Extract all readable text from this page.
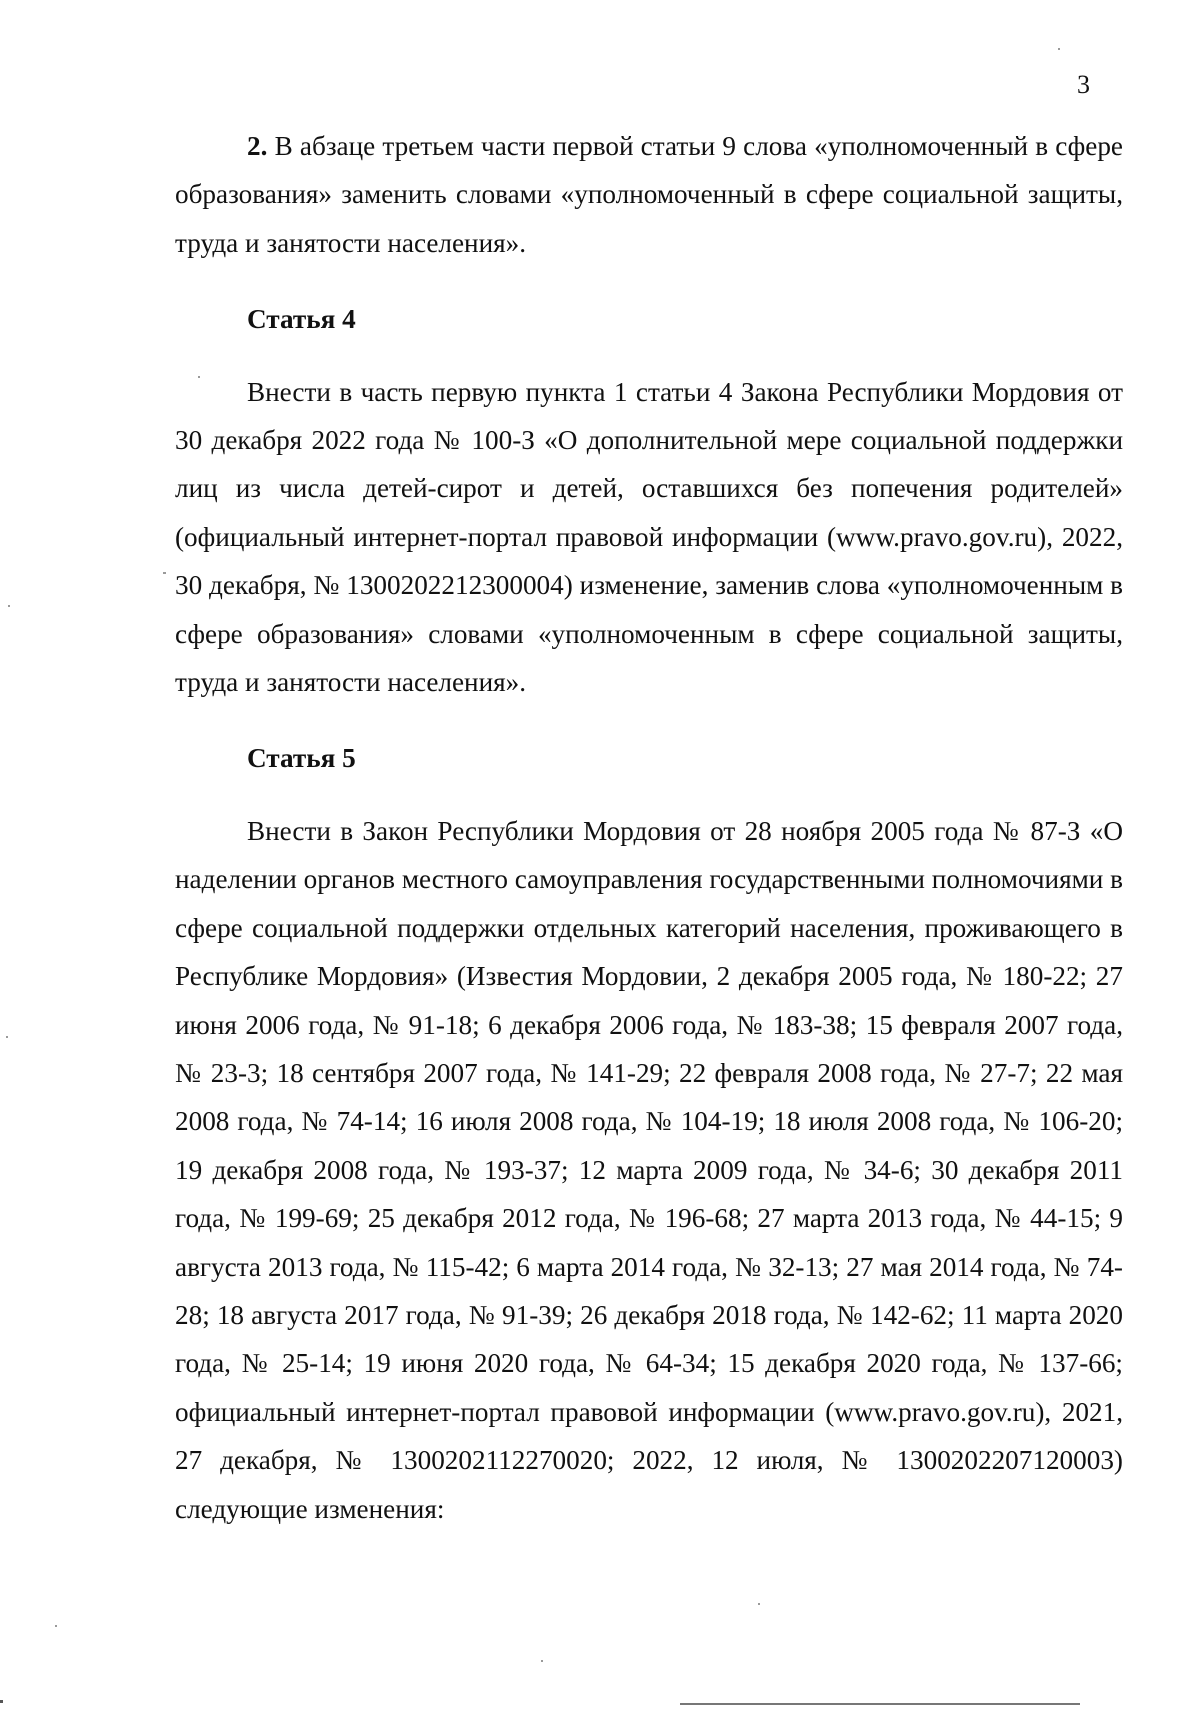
3

2. В абзаце третьем части первой статьи 9 слова «уполномоченный в сфере образования» заменить словами «уполномоченный в сфере социальной защиты, труда и занятости населения».

Статья 4

Внести в часть первую пункта 1 статьи 4 Закона Республики Мордовия от 30 декабря 2022 года № 100-З «О дополнительной мере социальной поддержки лиц из числа детей-сирот и детей, оставшихся без попечения родителей» (официальный интернет-портал правовой информации (www.pravo.gov.ru), 2022, 30 декабря, № 1300202212300004) изменение, заменив слова «уполномоченным в сфере образования» словами «уполномоченным в сфере социальной защиты, труда и занятости населения».

Статья 5

Внести в Закон Республики Мордовия от 28 ноября 2005 года № 87-З «О наделении органов местного самоуправления государственными полномочиями в сфере социальной поддержки отдельных категорий населения, проживающего в Республике Мордовия» (Известия Мордовии, 2 декабря 2005 года, № 180-22; 27 июня 2006 года, № 91-18; 6 декабря 2006 года, № 183-38; 15 февраля 2007 года, № 23-3; 18 сентября 2007 года, № 141-29; 22 февраля 2008 года, № 27-7; 22 мая 2008 года, № 74-14; 16 июля 2008 года, № 104-19; 18 июля 2008 года, № 106-20; 19 декабря 2008 года, № 193-37; 12 марта 2009 года, № 34-6; 30 декабря 2011 года, № 199-69; 25 декабря 2012 года, № 196-68; 27 марта 2013 года, № 44-15; 9 августа 2013 года, № 115-42; 6 марта 2014 года, № 32-13; 27 мая 2014 года, № 74-28; 18 августа 2017 года, № 91-39; 26 декабря 2018 года, № 142-62; 11 марта 2020 года, № 25-14; 19 июня 2020 года, № 64-34; 15 декабря 2020 года, № 137-66; официальный интернет-портал правовой информации (www.pravo.gov.ru), 2021, 27 декабря, № 1300202112270020; 2022, 12 июля, № 1300202207120003) следующие изменения:
